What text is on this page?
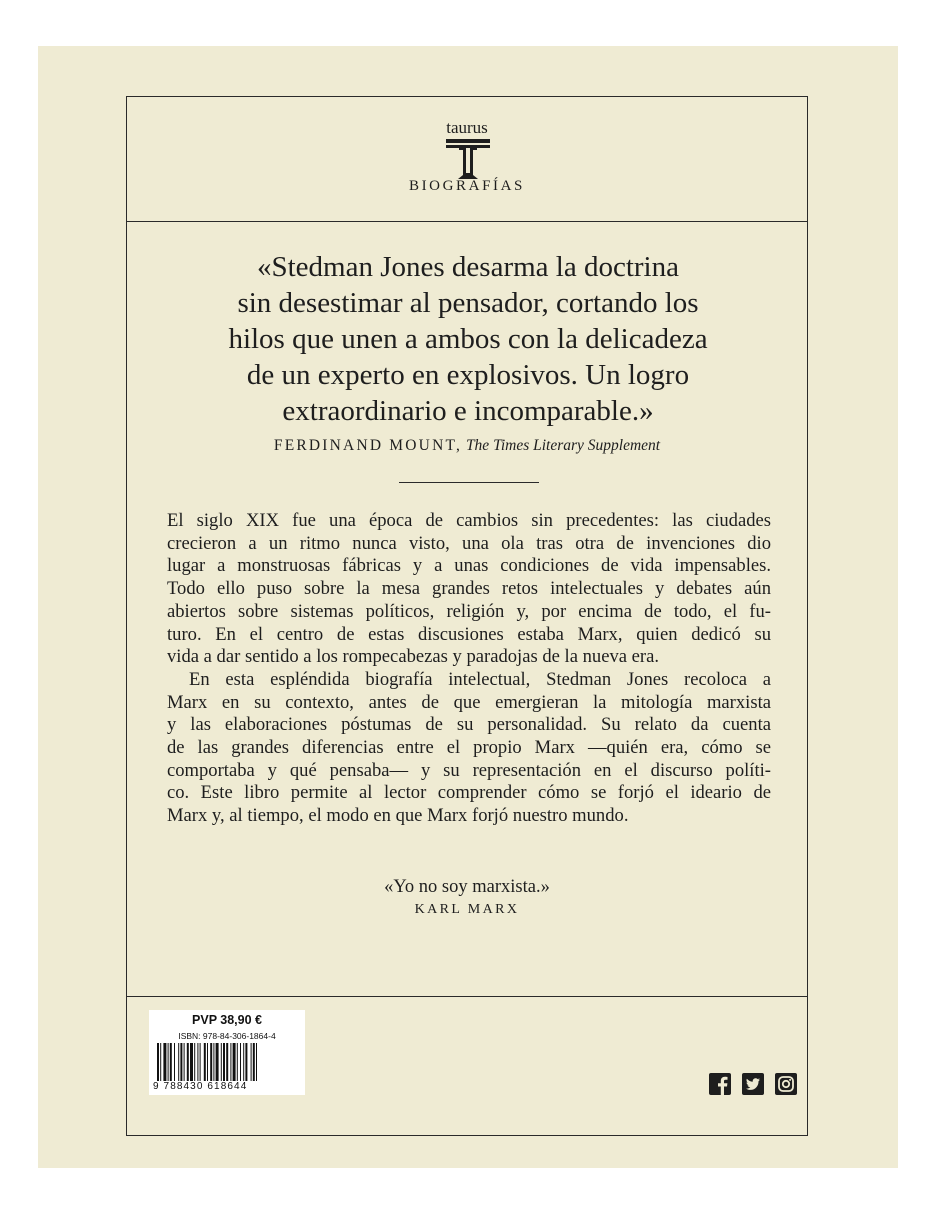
taurus
BIOGRAFÍAS
«Stedman Jones desarma la doctrina
sin desestimar al pensador, cortando los
hilos que unen a ambos con la delicadeza
de un experto en explosivos. Un logro
extraordinario e incomparable.»
FERDINAND MOUNT, The Times Literary Supplement
El siglo XIX fue una época de cambios sin precedentes: las ciudades
crecieron a un ritmo nunca visto, una ola tras otra de invenciones dio
lugar a monstruosas fábricas y a unas condiciones de vida impensables.
Todo ello puso sobre la mesa grandes retos intelectuales y debates aún
abiertos sobre sistemas políticos, religión y, por encima de todo, el fu-
turo. En el centro de estas discusiones estaba Marx, quien dedicó su
vida a dar sentido a los rompecabezas y paradojas de la nueva era.
En esta espléndida biografía intelectual, Stedman Jones recoloca a
Marx en su contexto, antes de que emergieran la mitología marxista
y las elaboraciones póstumas de su personalidad. Su relato da cuenta
de las grandes diferencias entre el propio Marx —quién era, cómo se
comportaba y qué pensaba— y su representación en el discurso políti-
co. Este libro permite al lector comprender cómo se forjó el ideario de
Marx y, al tiempo, el modo en que Marx forjó nuestro mundo.
«Yo no soy marxista.»
KARL MARX
PVP 38,90 €
ISBN: 978-84-306-1864-4
9 788430 618644
